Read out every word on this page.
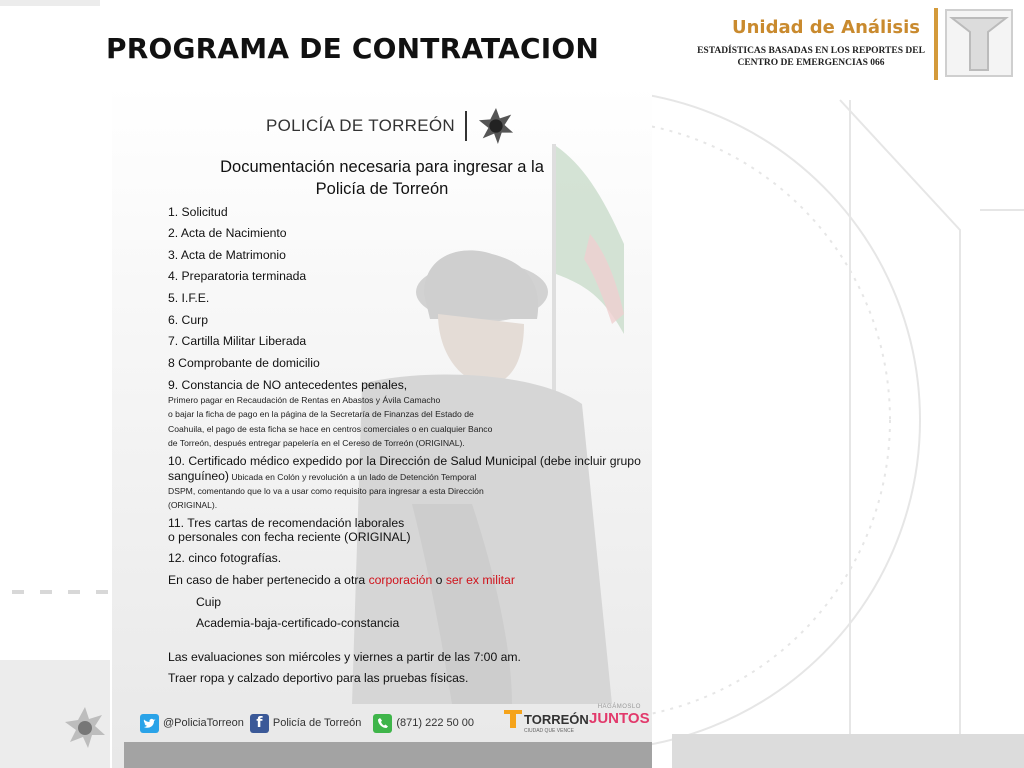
PROGRAMA DE CONTRATACION
Unidad de Análisis
ESTADÍSTICAS BASADAS EN LOS REPORTES DEL
CENTRO DE EMERGENCIAS 066
POLICÍA DE TORREÓN
Documentación necesaria para ingresar a la
Policía de Torreón
1. Solicitud
2. Acta de Nacimiento
3. Acta de Matrimonio
4. Preparatoria terminada
5. I.F.E.
6. Curp
7. Cartilla Militar Liberada
8 Comprobante de domicilio
9. Constancia de NO antecedentes penales,
Primero pagar en Recaudación de Rentas en Abastos y Ávila Camacho
o bajar la ficha de pago en la página de la Secretaría de Finanzas del Estado de
Coahuila, el pago de esta ficha se hace en centros comerciales o en cualquier Banco
de Torreón, después entregar papelería en el Cereso de Torreón (ORIGINAL).
10. Certificado médico expedido por la Dirección de Salud Municipal (debe incluir grupo
sanguíneo) Ubicada en Colón y revolución a un lado de Detención Temporal
DSPM, comentando que lo va a usar como requisito para ingresar a esta Dirección
(ORIGINAL).
11. Tres cartas de recomendación laborales
o personales con fecha reciente (ORIGINAL)
12. cinco fotografías.
En caso de haber pertenecido a otra corporación o ser ex militar
Cuip
Academia-baja-certificado-constancia
Las evaluaciones son miércoles y viernes a partir de las 7:00 am.
Traer ropa y calzado deportivo para las pruebas físicas.
@PoliciaTorreon f Policía de Torreón	(871) 222 50 00	TORREÓN
CIUDAD QUE VENCE
HAGÁMOSLO
JUNTOS
